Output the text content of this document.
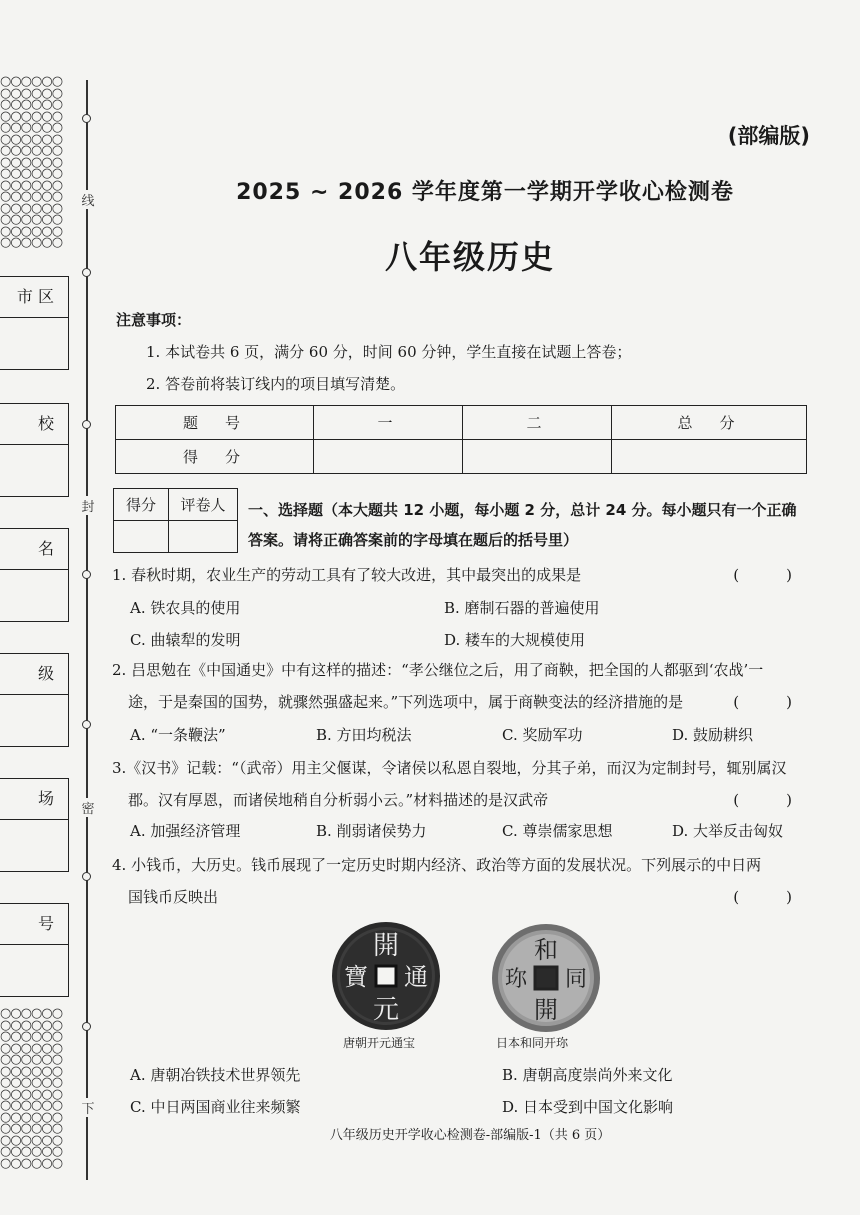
○○○○○○
○○○○○○
○○○○○○
○○○○○○
○○○○○○
○○○○○○
○○○○○○
○○○○○○
○○○○○○
○○○○○○
○○○○○○
○○○○○○
○○○○○○
○○○○○○
○○○○○○
○○○○○○
○○○○○○
○○○○○○
○○○○○○
○○○○○○
○○○○○○
○○○○○○
○○○○○○
○○○○○○
○○○○○○
○○○○○○
○○○○○○
○○○○○○
○○○○○○
市 区
校
名
级
场
号
线
封
密
下
(部编版)
2025 ~ 2026 学年度第一学期开学收心检测卷
八年级历史
注意事项：
1. 本试卷共 6 页，满分 60 分，时间 60 分钟，学生直接在试题上答卷；
2. 答卷前将装订线内的项目填写清楚。
题　号	一	二	总　分
得　分			
得分	评卷人
	一、选择题（本大题共 12 小题，每小题 2 分，总计 24 分。每小题只有一个正确答案。请将正确答案前的字母填在题后的括号里）
1. 春秋时期，农业生产的劳动工具有了较大改进，其中最突出的成果是	(　)
A. 铁农具的使用	B. 磨制石器的普遍使用
C. 曲辕犁的发明	D. 耧车的大规模使用
2. 吕思勉在《中国通史》中有这样的描述：“孝公继位之后，用了商鞅，把全国的人都驱到‘农战’一
途，于是秦国的国势，就骤然强盛起来。”下列选项中，属于商鞅变法的经济措施的是	(　)
A. “一条鞭法”	B. 方田均税法	C. 奖励军功	D. 鼓励耕织
3.《汉书》记载：“（武帝）用主父偃谋，令诸侯以私恩自裂地，分其子弟，而汉为定制封号，辄别属汉
郡。汉有厚恩，而诸侯地稍自分析弱小云。”材料描述的是汉武帝	(　)
A. 加强经济管理	B. 削弱诸侯势力	C. 尊崇儒家思想	D. 大举反击匈奴
4. 小钱币，大历史。钱币展现了一定历史时期内经济、政治等方面的发展状况。下列展示的中日两
国钱币反映出	(　)
開
通
元
寶
唐朝开元通宝
和
同
開
珎
日本和同开珎
A. 唐朝冶铁技术世界领先	B. 唐朝高度崇尚外来文化
C. 中日两国商业往来频繁	D. 日本受到中国文化影响
八年级历史开学收心检测卷-部编版-1（共 6 页）
